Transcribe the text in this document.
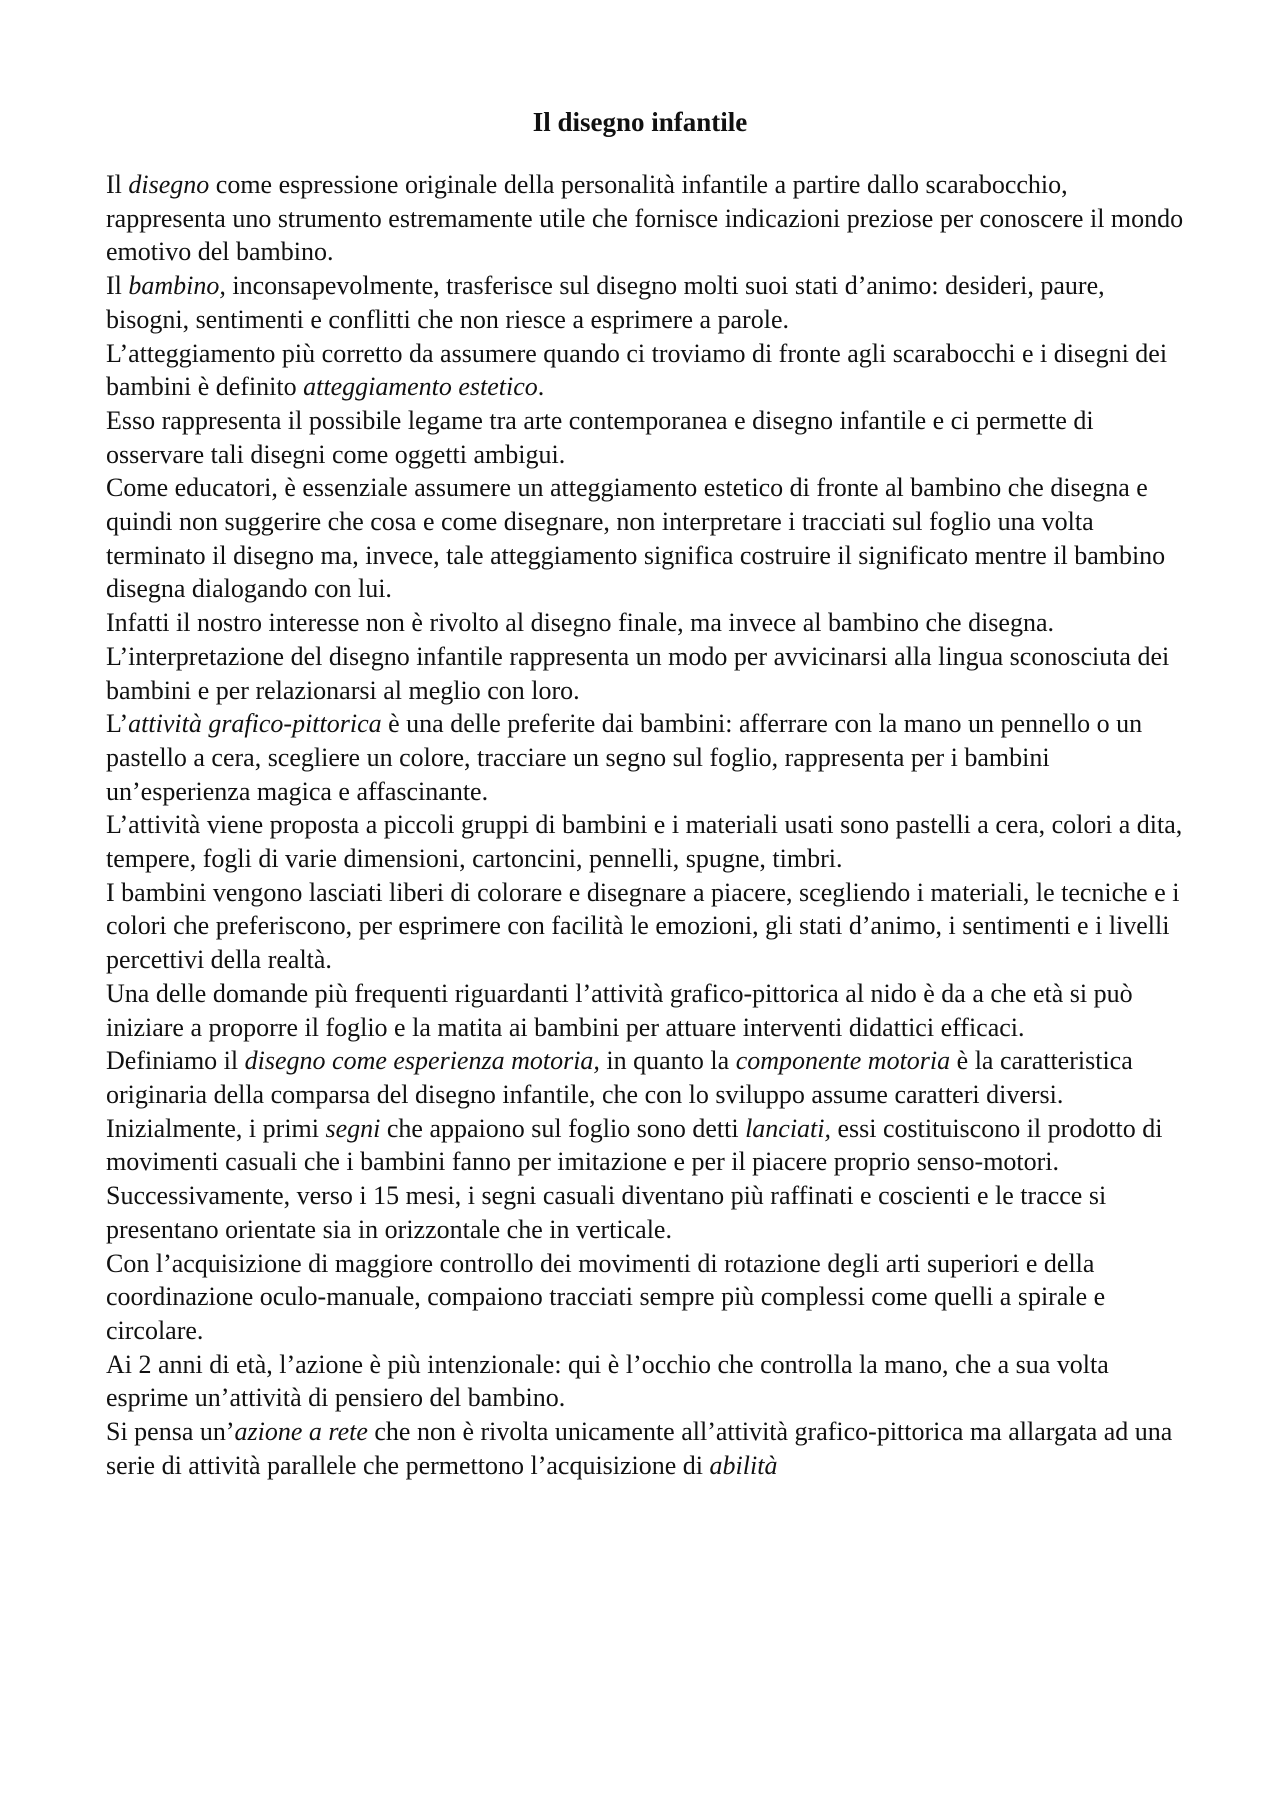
Il disegno infantile

Il disegno come espressione originale della personalità infantile a partire dallo scarabocchio, rappresenta uno strumento estremamente utile che fornisce indicazioni preziose per conoscere il mondo emotivo del bambino.

Il bambino, inconsapevolmente, trasferisce sul disegno molti suoi stati d’animo: desideri, paure, bisogni, sentimenti e conflitti che non riesce a esprimere a parole.

L’atteggiamento più corretto da assumere quando ci troviamo di fronte agli scarabocchi e i disegni dei bambini è definito atteggiamento estetico.

Esso rappresenta il possibile legame tra arte contemporanea e disegno infantile e ci permette di osservare tali disegni come oggetti ambigui.

Come educatori, è essenziale assumere un atteggiamento estetico di fronte al bambino che disegna e quindi non suggerire che cosa e come disegnare, non interpretare i tracciati sul foglio una volta terminato il disegno ma, invece, tale atteggiamento significa costruire il significato mentre il bambino disegna dialogando con lui.

Infatti il nostro interesse non è rivolto al disegno finale, ma invece al bambino che disegna.

L’interpretazione del disegno infantile rappresenta un modo per avvicinarsi alla lingua sconosciuta dei bambini e per relazionarsi al meglio con loro.

L’attività grafico-pittorica è una delle preferite dai bambini: afferrare con la mano un pennello o un pastello a cera, scegliere un colore, tracciare un segno sul foglio, rappresenta per i bambini un’esperienza magica e affascinante.

L’attività viene proposta a piccoli gruppi di bambini e i materiali usati sono pastelli a cera, colori a dita, tempere, fogli di varie dimensioni, cartoncini, pennelli, spugne, timbri.

I bambini vengono lasciati liberi di colorare e disegnare a piacere, scegliendo i materiali, le tecniche e i colori che preferiscono, per esprimere con facilità le emozioni, gli stati d’animo, i sentimenti e i livelli percettivi della realtà.

Una delle domande più frequenti riguardanti l’attività grafico-pittorica al nido è da a che età si può iniziare a proporre il foglio e la matita ai bambini per attuare interventi didattici efficaci.

Definiamo il disegno come esperienza motoria, in quanto la componente motoria è la caratteristica originaria della comparsa del disegno infantile, che con lo sviluppo assume caratteri diversi.

Inizialmente, i primi segni che appaiono sul foglio sono detti lanciati, essi costituiscono il prodotto di movimenti casuali che i bambini fanno per imitazione e per il piacere proprio senso-motori.

Successivamente, verso i 15 mesi, i segni casuali diventano più raffinati e coscienti e le tracce si presentano orientate sia in orizzontale che in verticale.

Con l’acquisizione di maggiore controllo dei movimenti di rotazione degli arti superiori e della coordinazione oculo-manuale, compaiono tracciati sempre più complessi come quelli a spirale e circolare.

Ai 2 anni di età, l’azione è più intenzionale: qui è l’occhio che controlla la mano, che a sua volta esprime un’attività di pensiero del bambino.

Si pensa un’azione a rete che non è rivolta unicamente all’attività grafico-pittorica ma allargata ad una serie di attività parallele che permettono l’acquisizione di abilità
